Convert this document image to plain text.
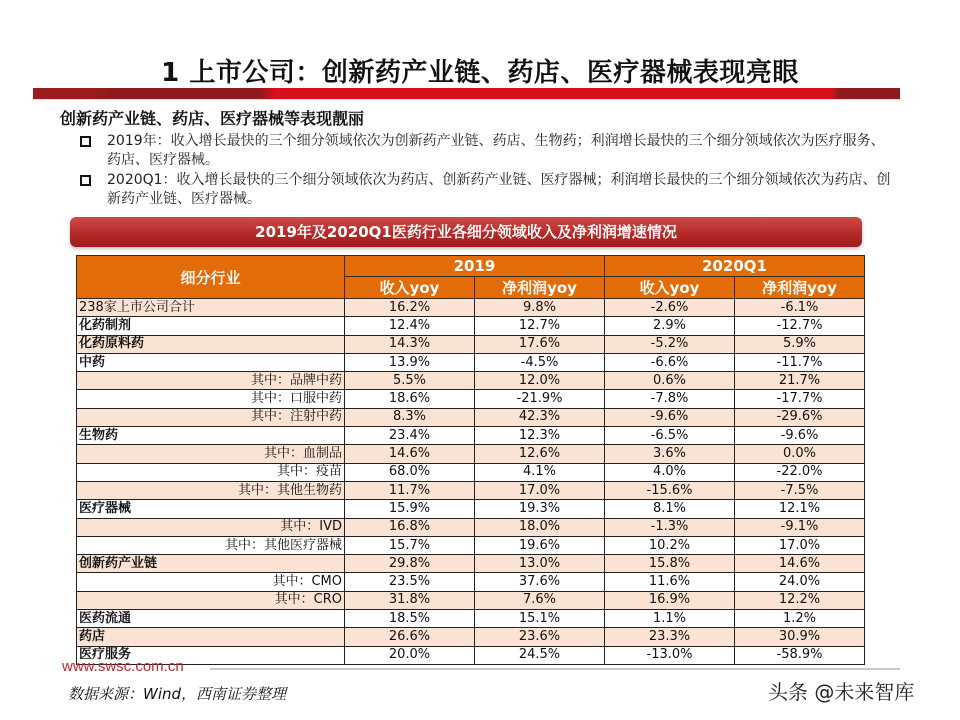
1 上市公司：创新药产业链、药店、医疗器械表现亮眼
创新药产业链、药店、医疗器械等表现靓丽
2019年：收入增长最快的三个细分领域依次为创新药产业链、药店、生物药；利润增长最快的三个细分领域依次为医疗服务、药店、医疗器械。
2020Q1：收入增长最快的三个细分领域依次为药店、创新药产业链、医疗器械；利润增长最快的三个细分领域依次为药店、创新药产业链、医疗器械。
2019年及2020Q1医药行业各细分领域收入及净利润增速情况
细分行业	2019		2020Q1	
	收入yoy	净利润yoy	收入yoy	净利润yoy
238家上市公司合计	16.2%	9.8%	-2.6%	-6.1%
化药制剂	12.4%	12.7%	2.9%	-12.7%
化药原料药	14.3%	17.6%	-5.2%	5.9%
中药	13.9%	-4.5%	-6.6%	-11.7%
其中：品牌中药	5.5%	12.0%	0.6%	21.7%
其中：口服中药	18.6%	-21.9%	-7.8%	-17.7%
其中：注射中药	8.3%	42.3%	-9.6%	-29.6%
生物药	23.4%	12.3%	-6.5%	-9.6%
其中：血制品	14.6%	12.6%	3.6%	0.0%
其中：疫苗	68.0%	4.1%	4.0%	-22.0%
其中：其他生物药	11.7%	17.0%	-15.6%	-7.5%
医疗器械	15.9%	19.3%	8.1%	12.1%
其中：IVD	16.8%	18.0%	-1.3%	-9.1%
其中：其他医疗器械	15.7%	19.6%	10.2%	17.0%
创新药产业链	29.8%	13.0%	15.8%	14.6%
其中：CMO	23.5%	37.6%	11.6%	24.0%
其中：CRO	31.8%	7.6%	16.9%	12.2%
医药流通	18.5%	15.1%	1.1%	1.2%
药店	26.6%	23.6%	23.3%	30.9%
医疗服务	20.0%	24.5%	-13.0%	-58.9%
www.swsc.com.cn
数据来源：Wind，西南证券整理	头条 @未来智库
